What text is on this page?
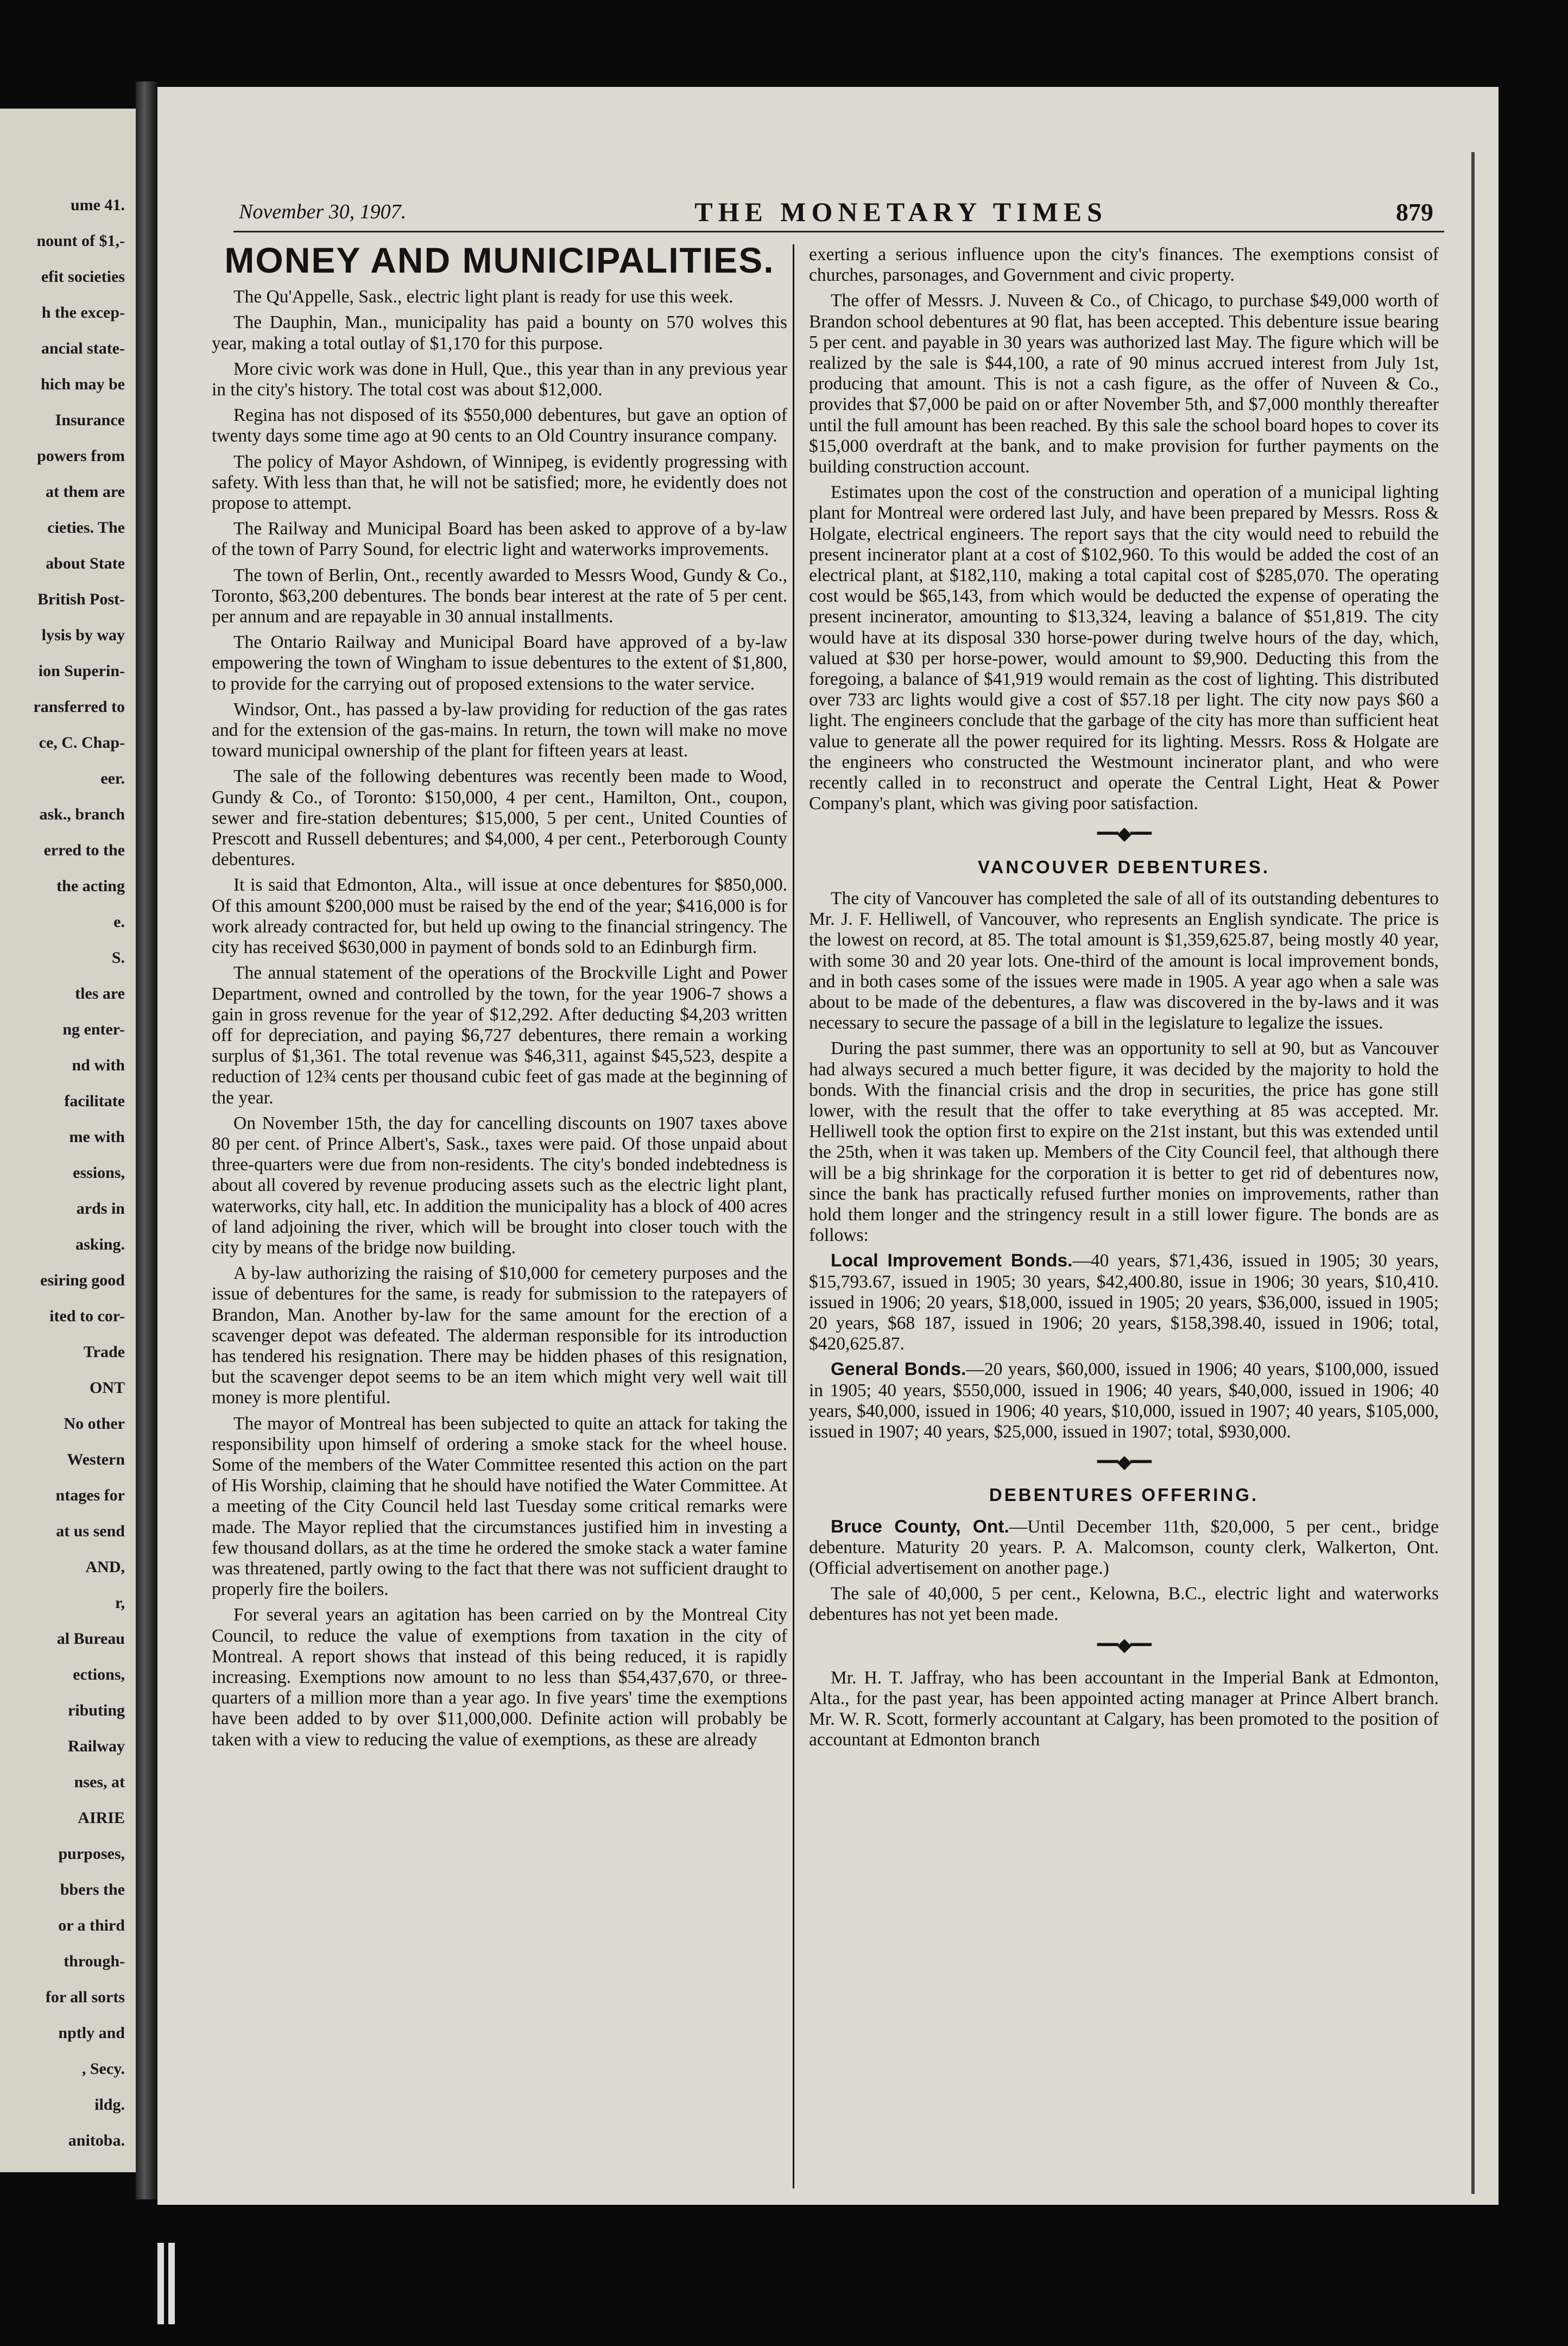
ume 41.
nount of $1,-
efit societies
h the excep-
ancial state-
hich may be
Insurance
powers from
at them are
cieties. The
about State
British Post-
lysis by way
ion Superin-
ransferred to
ce, C. Chap-
eer.
ask., branch
erred to the
the acting
e.
S.
tles are
ng enter-
nd with
facilitate
me with
essions,
ards in
asking.
esiring good
ited to cor-
Trade
ONT
No other
Western
ntages for
at us send
AND,
r,
al Bureau
ections,
ributing
Railway
nses, at
AIRIE
purposes,
bbers the
or a third
through-
for all sorts
nptly and
, Secy.
ildg.
anitoba.
November 30, 1907.	THE MONETARY TIMES	879
MONEY AND MUNICIPALITIES.

The Qu'Appelle, Sask., electric light plant is ready for use this week.

The Dauphin, Man., municipality has paid a bounty on 570 wolves this year, making a total outlay of $1,170 for this purpose.

More civic work was done in Hull, Que., this year than in any previous year in the city's history. The total cost was about $12,000.

Regina has not disposed of its $550,000 debentures, but gave an option of twenty days some time ago at 90 cents to an Old Country insurance company.

The policy of Mayor Ashdown, of Winnipeg, is evidently progressing with safety. With less than that, he will not be satisfied; more, he evidently does not propose to attempt.

The Railway and Municipal Board has been asked to approve of a by-law of the town of Parry Sound, for electric light and waterworks improvements.

The town of Berlin, Ont., recently awarded to Messrs Wood, Gundy & Co., Toronto, $63,200 debentures. The bonds bear interest at the rate of 5 per cent. per annum and are repayable in 30 annual installments.

The Ontario Railway and Municipal Board have approved of a by-law empowering the town of Wingham to issue debentures to the extent of $1,800, to provide for the carrying out of proposed extensions to the water service.

Windsor, Ont., has passed a by-law providing for reduction of the gas rates and for the extension of the gas-mains. In return, the town will make no move toward municipal ownership of the plant for fifteen years at least.

The sale of the following debentures was recently been made to Wood, Gundy & Co., of Toronto: $150,000, 4 per cent., Hamilton, Ont., coupon, sewer and fire-station debentures; $15,000, 5 per cent., United Counties of Prescott and Russell debentures; and $4,000, 4 per cent., Peterborough County debentures.

It is said that Edmonton, Alta., will issue at once debentures for $850,000. Of this amount $200,000 must be raised by the end of the year; $416,000 is for work already contracted for, but held up owing to the financial stringency. The city has received $630,000 in payment of bonds sold to an Edinburgh firm.

The annual statement of the operations of the Brockville Light and Power Department, owned and controlled by the town, for the year 1906-7 shows a gain in gross revenue for the year of $12,292. After deducting $4,203 written off for depreciation, and paying $6,727 debentures, there remain a working surplus of $1,361. The total revenue was $46,311, against $45,523, despite a reduction of 12¾ cents per thousand cubic feet of gas made at the beginning of the year.

On November 15th, the day for cancelling discounts on 1907 taxes above 80 per cent. of Prince Albert's, Sask., taxes were paid. Of those unpaid about three-quarters were due from non-residents. The city's bonded indebtedness is about all covered by revenue producing assets such as the electric light plant, waterworks, city hall, etc. In addition the municipality has a block of 400 acres of land adjoining the river, which will be brought into closer touch with the city by means of the bridge now building.

A by-law authorizing the raising of $10,000 for cemetery purposes and the issue of debentures for the same, is ready for submission to the ratepayers of Brandon, Man. Another by-law for the same amount for the erection of a scavenger depot was defeated. The alderman responsible for its introduction has tendered his resignation. There may be hidden phases of this resignation, but the scavenger depot seems to be an item which might very well wait till money is more plentiful.

The mayor of Montreal has been subjected to quite an attack for taking the responsibility upon himself of ordering a smoke stack for the wheel house. Some of the members of the Water Committee resented this action on the part of His Worship, claiming that he should have notified the Water Committee. At a meeting of the City Council held last Tuesday some critical remarks were made. The Mayor replied that the circumstances justified him in investing a few thousand dollars, as at the time he ordered the smoke stack a water famine was threatened, partly owing to the fact that there was not sufficient draught to properly fire the boilers.

For several years an agitation has been carried on by the Montreal City Council, to reduce the value of exemptions from taxation in the city of Montreal. A report shows that instead of this being reduced, it is rapidly increasing. Exemptions now amount to no less than $54,437,670, or three-quarters of a million more than a year ago. In five years' time the exemptions have been added to by over $11,000,000. Definite action will probably be taken with a view to reducing the value of exemptions, as these are already

exerting a serious influence upon the city's finances. The exemptions consist of churches, parsonages, and Government and civic property.

The offer of Messrs. J. Nuveen & Co., of Chicago, to purchase $49,000 worth of Brandon school debentures at 90 flat, has been accepted. This debenture issue bearing 5 per cent. and payable in 30 years was authorized last May. The figure which will be realized by the sale is $44,100, a rate of 90 minus accrued interest from July 1st, producing that amount. This is not a cash figure, as the offer of Nuveen & Co., provides that $7,000 be paid on or after November 5th, and $7,000 monthly thereafter until the full amount has been reached. By this sale the school board hopes to cover its $15,000 overdraft at the bank, and to make provision for further payments on the building construction account.

Estimates upon the cost of the construction and operation of a municipal lighting plant for Montreal were ordered last July, and have been prepared by Messrs. Ross & Holgate, electrical engineers. The report says that the city would need to rebuild the present incinerator plant at a cost of $102,960. To this would be added the cost of an electrical plant, at $182,110, making a total capital cost of $285,070. The operating cost would be $65,143, from which would be deducted the expense of operating the present incinerator, amounting to $13,324, leaving a balance of $51,819. The city would have at its disposal 330 horse-power during twelve hours of the day, which, valued at $30 per horse-power, would amount to $9,900. Deducting this from the foregoing, a balance of $41,919 would remain as the cost of lighting. This distributed over 733 arc lights would give a cost of $57.18 per light. The city now pays $60 a light. The engineers conclude that the garbage of the city has more than sufficient heat value to generate all the power required for its lighting. Messrs. Ross & Holgate are the engineers who constructed the Westmount incinerator plant, and who were recently called in to reconstruct and operate the Central Light, Heat & Power Company's plant, which was giving poor satisfaction.

━━◆━━
VANCOUVER DEBENTURES.

The city of Vancouver has completed the sale of all of its outstanding debentures to Mr. J. F. Helliwell, of Vancouver, who represents an English syndicate. The price is the lowest on record, at 85. The total amount is $1,359,625.87, being mostly 40 year, with some 30 and 20 year lots. One-third of the amount is local improvement bonds, and in both cases some of the issues were made in 1905. A year ago when a sale was about to be made of the debentures, a flaw was discovered in the by-laws and it was necessary to secure the passage of a bill in the legislature to legalize the issues.

During the past summer, there was an opportunity to sell at 90, but as Vancouver had always secured a much better figure, it was decided by the majority to hold the bonds. With the financial crisis and the drop in securities, the price has gone still lower, with the result that the offer to take everything at 85 was accepted. Mr. Helliwell took the option first to expire on the 21st instant, but this was extended until the 25th, when it was taken up. Members of the City Council feel, that although there will be a big shrinkage for the corporation it is better to get rid of debentures now, since the bank has practically refused further monies on improvements, rather than hold them longer and the stringency result in a still lower figure. The bonds are as follows:

Local Improvement Bonds.—40 years, $71,436, issued in 1905; 30 years, $15,793.67, issued in 1905; 30 years, $42,400.80, issue in 1906; 30 years, $10,410. issued in 1906; 20 years, $18,000, issued in 1905; 20 years, $36,000, issued in 1905; 20 years, $68 187, issued in 1906; 20 years, $158,398.40, issued in 1906; total, $420,625.87.

General Bonds.—20 years, $60,000, issued in 1906; 40 years, $100,000, issued in 1905; 40 years, $550,000, issued in 1906; 40 years, $40,000, issued in 1906; 40 years, $40,000, issued in 1906; 40 years, $10,000, issued in 1907; 40 years, $105,000, issued in 1907; 40 years, $25,000, issued in 1907; total, $930,000.

━━◆━━
DEBENTURES OFFERING.

Bruce County, Ont.—Until December 11th, $20,000, 5 per cent., bridge debenture. Maturity 20 years. P. A. Malcomson, county clerk, Walkerton, Ont. (Official advertisement on another page.)

The sale of 40,000, 5 per cent., Kelowna, B.C., electric light and waterworks debentures has not yet been made.

━━◆━━

Mr. H. T. Jaffray, who has been accountant in the Imperial Bank at Edmonton, Alta., for the past year, has been appointed acting manager at Prince Albert branch. Mr. W. R. Scott, formerly accountant at Calgary, has been promoted to the position of accountant at Edmonton branch
